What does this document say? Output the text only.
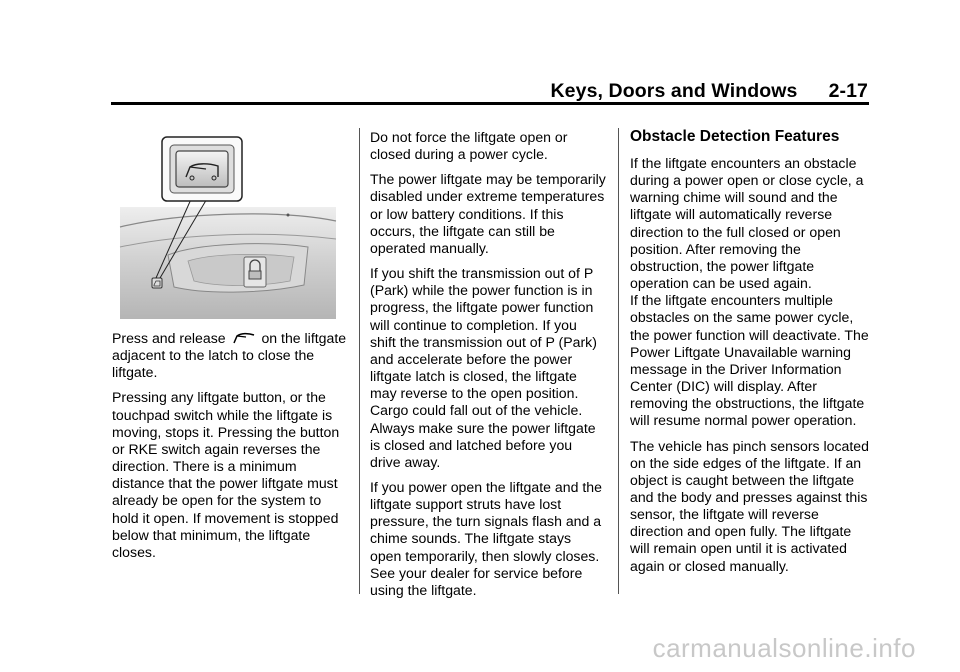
Keys, Doors and Windows 2-17

Press and release	on the liftgate adjacent to the latch to close the liftgate.

Pressing any liftgate button, or the touchpad switch while the liftgate is moving, stops it. Pressing the button or RKE switch again reverses the direction. There is a minimum distance that the power liftgate must already be open for the system to hold it open. If movement is stopped below that minimum, the liftgate closes.

Do not force the liftgate open or closed during a power cycle.

The power liftgate may be temporarily disabled under extreme temperatures or low battery conditions. If this occurs, the liftgate can still be operated manually.

If you shift the transmission out of P (Park) while the power function is in progress, the liftgate power function will continue to completion. If you shift the transmission out of P (Park) and accelerate before the power liftgate latch is closed, the liftgate may reverse to the open position. Cargo could fall out of the vehicle. Always make sure the power liftgate is closed and latched before you drive away.

If you power open the liftgate and the liftgate support struts have lost pressure, the turn signals flash and a chime sounds. The liftgate stays open temporarily, then slowly closes. See your dealer for service before using the liftgate.

Obstacle Detection Features

If the liftgate encounters an obstacle during a power open or close cycle, a warning chime will sound and the liftgate will automatically reverse direction to the full closed or open position. After removing the obstruction, the power liftgate operation can be used again.

If the liftgate encounters multiple obstacles on the same power cycle, the power function will deactivate. The Power Liftgate Unavailable warning message in the Driver Information Center (DIC) will display. After removing the obstructions, the liftgate will resume normal power operation.

The vehicle has pinch sensors located on the side edges of the liftgate. If an object is caught between the liftgate and the body and presses against this sensor, the liftgate will reverse direction and open fully. The liftgate will remain open until it is activated again or closed manually.

carmanualsonline.info
